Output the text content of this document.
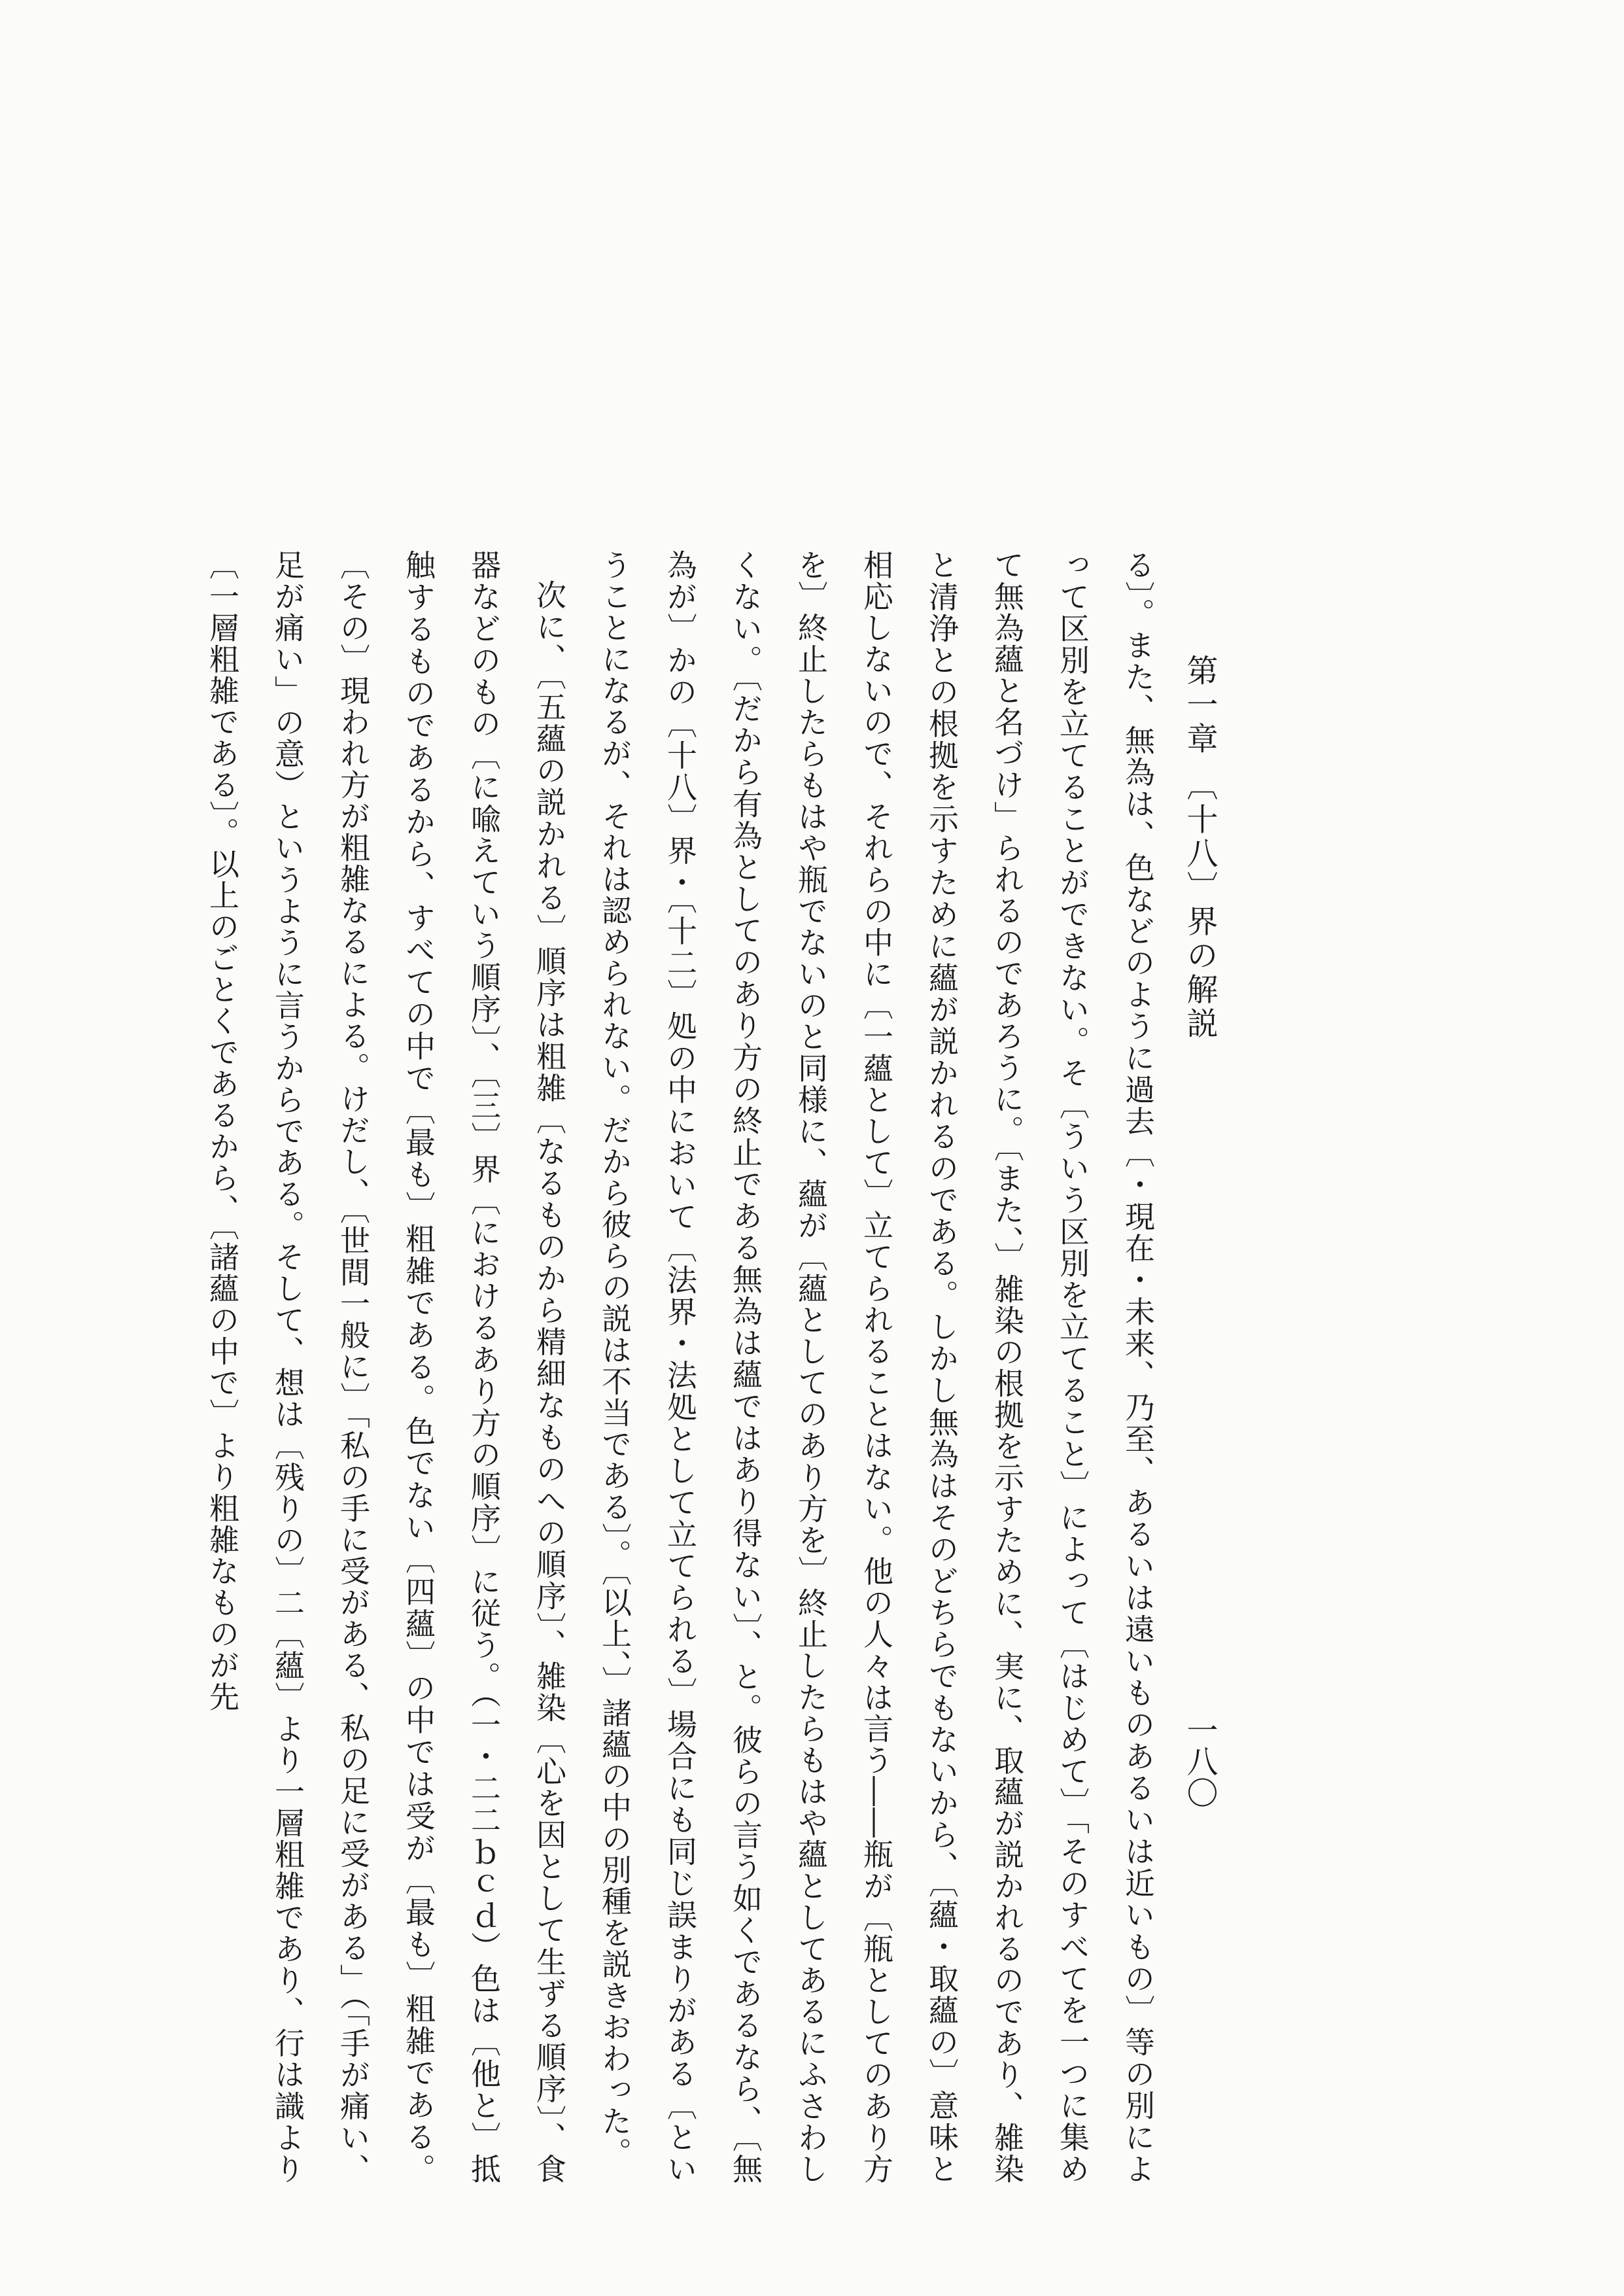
第一章 〔十八〕界の解説
一八〇

る〕。また、無為は、色などのように過去〔・現在・未来、乃至、あるいは遠いものあるいは近いもの〕等の別によって区別を立てることができない。そ〔ういう区別を立てること〕によって〔はじめて〕「そのすべてを一つに集めて無為蘊と名づけ」られるのであろうに。〔また、〕雑染の根拠を示すために、実に、取蘊が説かれるのであり、雑染と清浄との根拠を示すために蘊が説かれるのである。しかし無為はそのどちらでもないから、〔蘊・取蘊の〕意味と相応しないので、それらの中に〔一蘊として〕立てられることはない。他の人々は言う――瓶が〔瓶としてのあり方を〕終止したらもはや瓶でないのと同様に、蘊が〔蘊としてのあり方を〕終止したらもはや蘊としてあるにふさわしくない。〔だから有為としてのあり方の終止である無為は蘊ではあり得ない〕、と。彼らの言う如くであるなら、〔無為が〕かの〔十八〕界・〔十二〕処の中において〔法界・法処として立てられる〕場合にも同じ誤まりがある〔ということになるが、それは認められない。だから彼らの説は不当である〕。〔以上、〕諸蘊の中の別種を説きおわった。

次に、〔五蘊の説かれる〕順序は粗雑〔なるものから精細なものへの順序〕、雑染〔心を因として生ずる順序〕、食器などのもの〔に喩えていう順序〕、〔三〕界〔におけるあり方の順序〕に従う。（一・二二ｂｃｄ）色は〔他と〕抵触するものであるから、すべての中で〔最も〕粗雑である。色でない〔四蘊〕の中では受が〔最も〕粗雑である。〔その〕現われ方が粗雑なるによる。けだし、〔世間一般に〕「私の手に受がある、私の足に受がある」（「手が痛い、足が痛い」の意）というように言うからである。そして、想は〔残りの〕二〔蘊〕より一層粗雑であり、行は識より〔一層粗雑である〕。以上のごとくであるから、〔諸蘊の中で〕より粗雑なものが先
